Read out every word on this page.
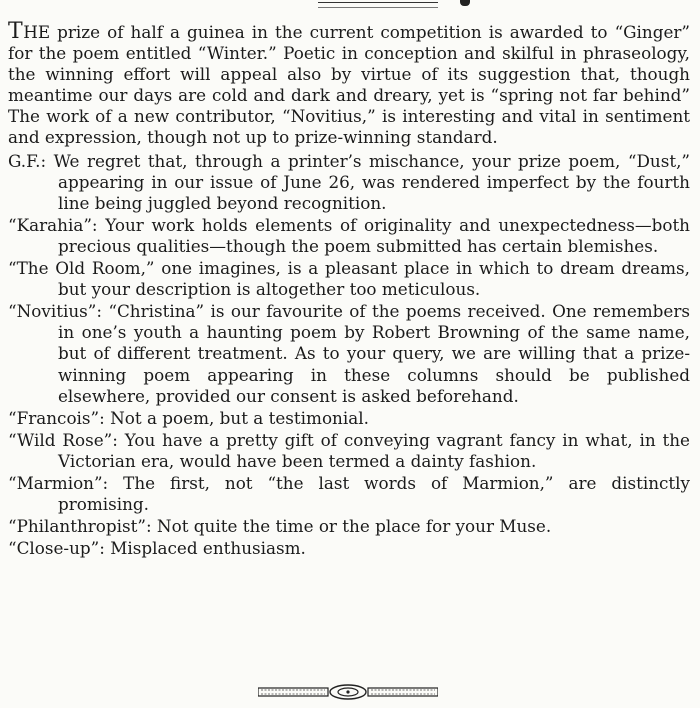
THE prize of half a guinea in the current competition is awarded to “Ginger” for the poem entitled “Winter.” Poetic in conception and skilful in phraseology, the winning effort will appeal also by virtue of its suggestion that, though meantime our days are cold and dark and dreary, yet is “spring not far behind” The work of a new contributor, “Novitius,” is interesting and vital in sentiment and expression, though not up to prize-winning standard.

G.F.: We regret that, through a printer’s mischance, your prize poem, “Dust,” appearing in our issue of June 26, was rendered imperfect by the fourth line being juggled beyond recognition.

“Karahia”: Your work holds elements of originality and unexpectedness—both precious qualities—though the poem submitted has certain blemishes.

“The Old Room,” one imagines, is a pleasant place in which to dream dreams, but your description is altogether too meticulous.

“Novitius”: “Christina” is our favourite of the poems received. One remembers in one’s youth a haunting poem by Robert Browning of the same name, but of different treatment. As to your query, we are willing that a prize-winning poem appearing in these columns should be published elsewhere, provided our consent is asked beforehand.

“Francois”: Not a poem, but a testimonial.

“Wild Rose”: You have a pretty gift of conveying vagrant fancy in what, in the Victorian era, would have been termed a dainty fashion.

“Marmion”: The first, not “the last words of Marmion,” are distinctly promising.

“Philanthropist”: Not quite the time or the place for your Muse.

“Close-up”: Misplaced enthusiasm.
